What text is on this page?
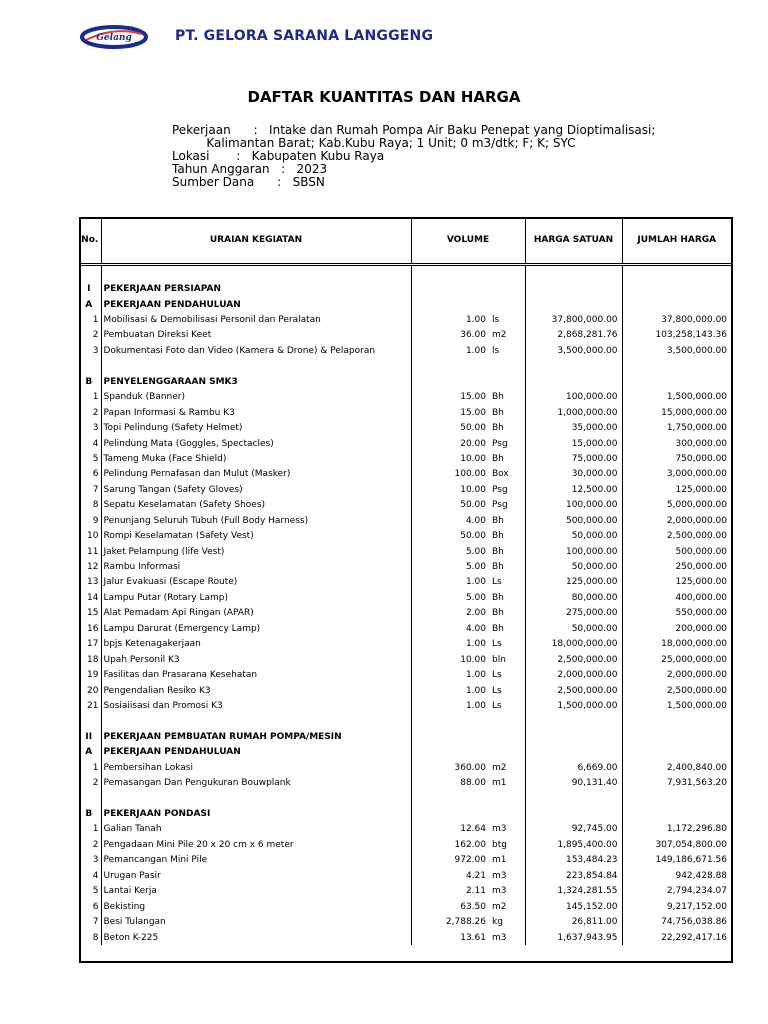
Gelang	PT. GELORA SARANA LANGGENG
DAFTAR KUANTITAS DAN HARGA
Pekerjaan      :   Intake dan Rumah Pompa Air Baku Penepat yang Dioptimalisasi;
Kalimantan Barat; Kab.Kubu Raya; 1 Unit; 0 m3/dtk; F; K; SYC
Lokasi       :   Kabupaten Kubu Raya
Tahun Anggaran   :   2023
Sumber Dana      :   SBSN
No.	URAIAN KEGIATAN	VOLUME		HARGA SATUAN	JUMLAH HARGA

I	PEKERJAAN PERSIAPAN				
A	PEKERJAAN PENDAHULUAN				
1	Mobilisasi & Demobilisasi Personil dan Peralatan	1.00	ls	37,800,000.00	37,800,000.00
2	Pembuatan Direksi Keet	36.00	m2	2,868,281.76	103,258,143.36
3	Dokumentasi Foto dan Video (Kamera & Drone) & Pelaporan	1.00	ls	3,500,000.00	3,500,000.00

B	PENYELENGGARAAN SMK3				
1	Spanduk (Banner)	15.00	Bh	100,000.00	1,500,000.00
2	Papan Informasi & Rambu K3	15.00	Bh	1,000,000.00	15,000,000.00
3	Topi Pelindung (Safety Helmet)	50.00	Bh	35,000.00	1,750,000.00
4	Pelindung Mata (Goggles, Spectacles)	20.00	Psg	15,000.00	300,000.00
5	Tameng Muka (Face Shield)	10.00	Bh	75,000.00	750,000.00
6	Pelindung Pernafasan dan Mulut (Masker)	100.00	Box	30,000.00	3,000,000.00
7	Sarung Tangan (Safety Gloves)	10.00	Psg	12,500.00	125,000.00
8	Sepatu Keselamatan (Safety Shoes)	50.00	Psg	100,000.00	5,000,000.00
9	Penunjang Seluruh Tubuh (Full Body Harness)	4.00	Bh	500,000.00	2,000,000.00
10	Rompi Keselamatan (Safety Vest)	50.00	Bh	50,000.00	2,500,000.00
11	Jaket Pelampung (life Vest)	5.00	Bh	100,000.00	500,000.00
12	Rambu Informasi	5.00	Bh	50,000.00	250,000.00
13	Jalur Evakuasi (Escape Route)	1.00	Ls	125,000.00	125,000.00
14	Lampu Putar (Rotary Lamp)	5.00	Bh	80,000.00	400,000.00
15	Alat Pemadam Api Ringan (APAR)	2.00	Bh	275,000.00	550,000.00
16	Lampu Darurat (Emergency Lamp)	4.00	Bh	50,000.00	200,000.00
17	bpjs Ketenagakerjaan	1.00	Ls	18,000,000.00	18,000,000.00
18	Upah Personil K3	10.00	bln	2,500,000.00	25,000,000.00
19	Fasilitas dan Prasarana Kesehatan	1.00	Ls	2,000,000.00	2,000,000.00
20	Pengendalian Resiko K3	1.00	Ls	2,500,000.00	2,500,000.00
21	Sosiaiisasi dan Promosi K3	1.00	Ls	1,500,000.00	1,500,000.00

II	PEKERJAAN PEMBUATAN RUMAH POMPA/MESIN				
A	PEKERJAAN PENDAHULUAN				
1	Pembersihan Lokasi	360.00	m2	6,669.00	2,400,840.00
2	Pemasangan Dan Pengukuran Bouwplank	88.00	m1	90,131.40	7,931,563.20

B	PEKERJAAN PONDASI				
1	Galian Tanah	12.64	m3	92,745.00	1,172,296.80
2	Pengadaan Mini Pile 20 x 20 cm x 6 meter	162.00	btg	1,895,400.00	307,054,800.00
3	Pemancangan Mini Pile	972.00	m1	153,484.23	149,186,671.56
4	Urugan Pasir	4.21	m3	223,854.84	942,428.88
5	Lantai Kerja	2.11	m3	1,324,281.55	2,794,234.07
6	Bekisting	63.50	m2	145,152.00	9,217,152.00
7	Besi Tulangan	2,788.26	kg	26,811.00	74,756,038.86
8	Beton K-225	13.61	m3	1,637,943.95	22,292,417.16
